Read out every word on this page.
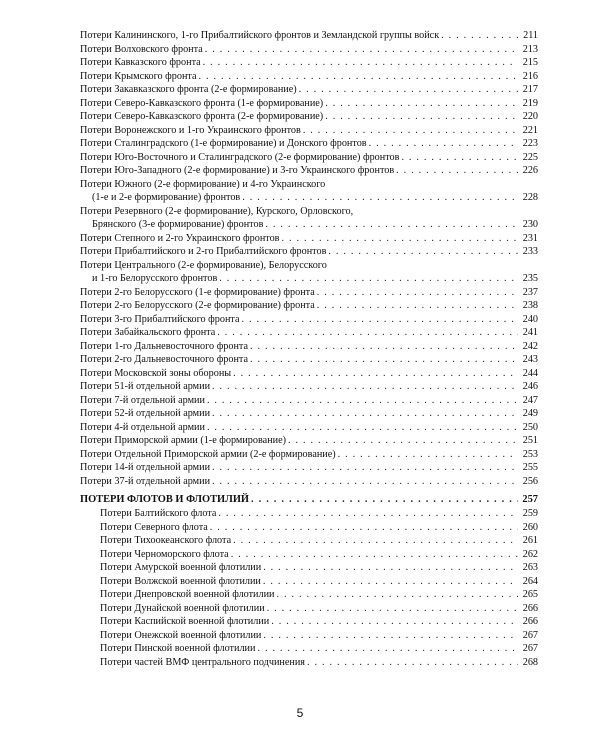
Потери Калининского, 1-го Прибалтийского фронтов и Земландской группы войск . . .	211
Потери Волховского фронта . . .	213
Потери Кавказского фронта . . .	215
Потери Крымского фронта . . .	216
Потери Закавказского фронта (2-е формирование) . . .	217
Потери Северо-Кавказского фронта (1-е формирование) . . .	219
Потери Северо-Кавказского фронта (2-е формирование) . . .	220
Потери Воронежского и 1-го Украинского фронтов . . .	221
Потери Сталинградского (1-е формирование) и Донского фронтов . . .	223
Потери Юго-Восточного и Сталинградского (2-е формирование) фронтов . . .	225
Потери Юго-Западного (2-е формирование) и 3-го Украинского фронтов . . .	226
Потери Южного (2-е формирование) и 4-го Украинского
(1-е и 2-е формирование) фронтов . . .	228
Потери Резервного (2-е формирование), Курского, Орловского,
Брянского (3-е формирование) фронтов . . .	230
Потери Степного и 2-го Украинского фронтов . . .	231
Потери Прибалтийского и 2-го Прибалтийского фронтов . . .	233
Потери Центрального (2-е формирование), Белорусского
и 1-го Белорусского фронтов . . .	235
Потери 2-го Белорусского (1-е формирование) фронта . . .	237
Потери 2-го Белорусского (2-е формирование) фронта . . .	238
Потери 3-го Прибалтийского фронта . . .	240
Потери Забайкальского фронта . . .	241
Потери 1-го Дальневосточного фронта . . .	242
Потери 2-го Дальневосточного фронта . . .	243
Потери Московской зоны обороны . . .	244
Потери 51-й отдельной армии . . .	246
Потери 7-й отдельной армии . . .	247
Потери 52-й отдельной армии . . .	249
Потери 4-й отдельной армии . . .	250
Потери Приморской армии (1-е формирование) . . .	251
Потери Отдельной Приморской армии (2-е формирование) . . .	253
Потери 14-й отдельной армии . . .	255
Потери 37-й отдельной армии . . .	256
ПОТЕРИ ФЛОТОВ И ФЛОТИЛИЙ . . .	257
Потери Балтийского флота . . .	259
Потери Северного флота . . .	260
Потери Тихоокеанского флота . . .	261
Потери Черноморского флота . . .	262
Потери Амурской военной флотилии . . .	263
Потери Волжской военной флотилии . . .	264
Потери Днепровской военной флотилии . . .	265
Потери Дунайской военной флотилии . . .	266
Потери Каспийской военной флотилии . . .	266
Потери Онежской военной флотилии . . .	267
Потери Пинской военной флотилии . . .	267
Потери частей ВМФ центрального подчинения . . .	268
5
